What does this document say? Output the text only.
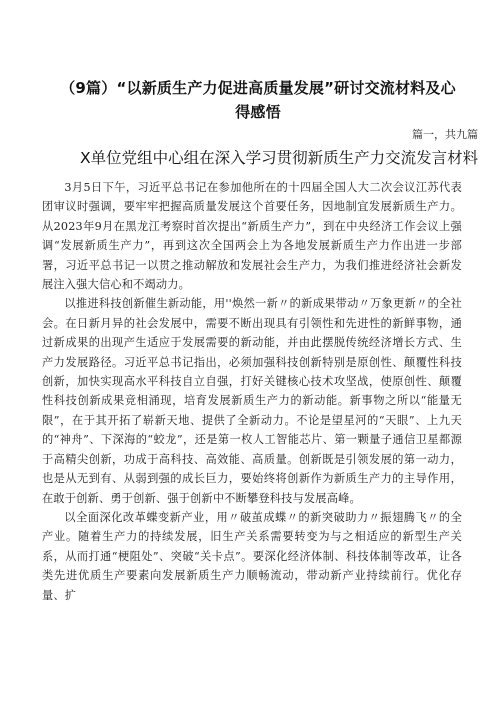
（9篇）“以新质生产力促进高质量发展”研讨交流材料及心得感悟
篇一，共九篇
X单位党组中心组在深入学习贯彻新质生产力交流发言材料

3月5日下午，习近平总书记在参加他所在的十四届全国人大二次会议江苏代表团审议时强调，要牢牢把握高质量发展这个首要任务，因地制宜发展新质生产力。从2023年9月在黑龙江考察时首次提出“新质生产力”，到在中央经济工作会议上强调“发展新质生产力”，再到这次全国两会上为各地发展新质生产力作出进一步部署，习近平总书记一以贯之推动解放和发展社会生产力，为我们推进经济社会新发展注入强大信心和不竭动力。

以推进科技创新催生新动能，用''焕然一新〃的新成果带动〃万象更新〃的全社会。在日新月异的社会发展中，需要不断出现具有引领性和先进性的新鲜事物，通过新成果的出现产生适应于发展需要的新动能，并由此摆脱传统经济增长方式、生产力发展路径。习近平总书记指出，必须加强科技创新特别是原创性、颠覆性科技创新，加快实现高水平科技自立自强，打好关键核心技术攻坚战，使原创性、颠覆性科技创新成果竞相涌现，培育发展新质生产力的新动能。新事物之所以“能量无限”，在于其开拓了崭新天地、提供了全新动力。不论是望星河的“天眼”、上九天的“神舟”、下深海的“蛟龙”，还是第一枚人工智能芯片、第一颗量子通信卫星都源于高精尖创新，功成于高科技、高效能、高质量。创新既是引领发展的第一动力，也是从无到有、从弱到强的成长巨力，要始终将创新作为新质生产力的主导作用，在敢于创新、勇于创新、强于创新中不断攀登科技与发展高峰。

以全面深化改革蝶变新产业，用〃破茧成蝶〃的新突破助力〃振翅腾飞〃的全产业。随着生产力的持续发展，旧生产关系需要转变为与之相适应的新型生产关系，从而打通“梗阻处”、突破“关卡点”。要深化经济体制、科技体制等改革，让各类先进优质生产要素向发展新质生产力顺畅流动，带动新产业持续前行。优化存量、扩
